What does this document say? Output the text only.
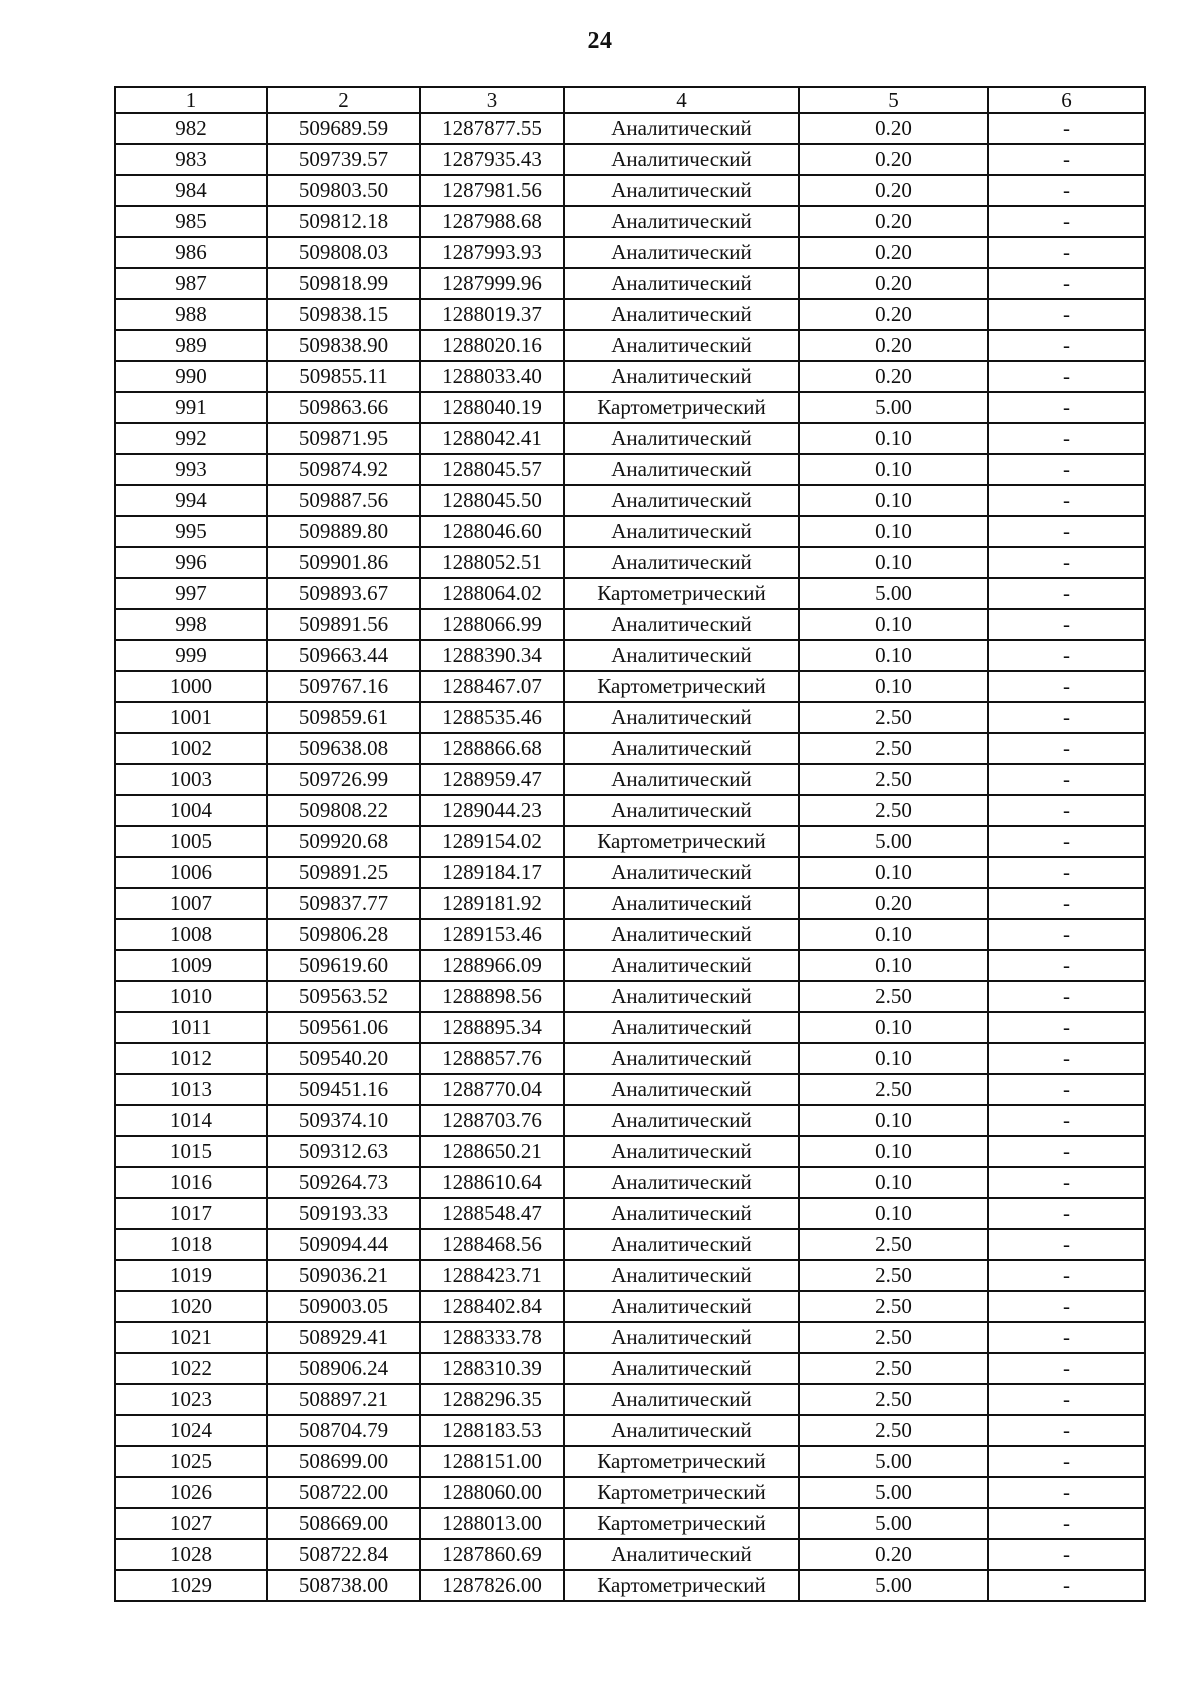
24
1	2	3	4	5	6
982	509689.59	1287877.55	Аналитический	0.20	-
983	509739.57	1287935.43	Аналитический	0.20	-
984	509803.50	1287981.56	Аналитический	0.20	-
985	509812.18	1287988.68	Аналитический	0.20	-
986	509808.03	1287993.93	Аналитический	0.20	-
987	509818.99	1287999.96	Аналитический	0.20	-
988	509838.15	1288019.37	Аналитический	0.20	-
989	509838.90	1288020.16	Аналитический	0.20	-
990	509855.11	1288033.40	Аналитический	0.20	-
991	509863.66	1288040.19	Картометрический	5.00	-
992	509871.95	1288042.41	Аналитический	0.10	-
993	509874.92	1288045.57	Аналитический	0.10	-
994	509887.56	1288045.50	Аналитический	0.10	-
995	509889.80	1288046.60	Аналитический	0.10	-
996	509901.86	1288052.51	Аналитический	0.10	-
997	509893.67	1288064.02	Картометрический	5.00	-
998	509891.56	1288066.99	Аналитический	0.10	-
999	509663.44	1288390.34	Аналитический	0.10	-
1000	509767.16	1288467.07	Картометрический	0.10	-
1001	509859.61	1288535.46	Аналитический	2.50	-
1002	509638.08	1288866.68	Аналитический	2.50	-
1003	509726.99	1288959.47	Аналитический	2.50	-
1004	509808.22	1289044.23	Аналитический	2.50	-
1005	509920.68	1289154.02	Картометрический	5.00	-
1006	509891.25	1289184.17	Аналитический	0.10	-
1007	509837.77	1289181.92	Аналитический	0.20	-
1008	509806.28	1289153.46	Аналитический	0.10	-
1009	509619.60	1288966.09	Аналитический	0.10	-
1010	509563.52	1288898.56	Аналитический	2.50	-
1011	509561.06	1288895.34	Аналитический	0.10	-
1012	509540.20	1288857.76	Аналитический	0.10	-
1013	509451.16	1288770.04	Аналитический	2.50	-
1014	509374.10	1288703.76	Аналитический	0.10	-
1015	509312.63	1288650.21	Аналитический	0.10	-
1016	509264.73	1288610.64	Аналитический	0.10	-
1017	509193.33	1288548.47	Аналитический	0.10	-
1018	509094.44	1288468.56	Аналитический	2.50	-
1019	509036.21	1288423.71	Аналитический	2.50	-
1020	509003.05	1288402.84	Аналитический	2.50	-
1021	508929.41	1288333.78	Аналитический	2.50	-
1022	508906.24	1288310.39	Аналитический	2.50	-
1023	508897.21	1288296.35	Аналитический	2.50	-
1024	508704.79	1288183.53	Аналитический	2.50	-
1025	508699.00	1288151.00	Картометрический	5.00	-
1026	508722.00	1288060.00	Картометрический	5.00	-
1027	508669.00	1288013.00	Картометрический	5.00	-
1028	508722.84	1287860.69	Аналитический	0.20	-
1029	508738.00	1287826.00	Картометрический	5.00	-
